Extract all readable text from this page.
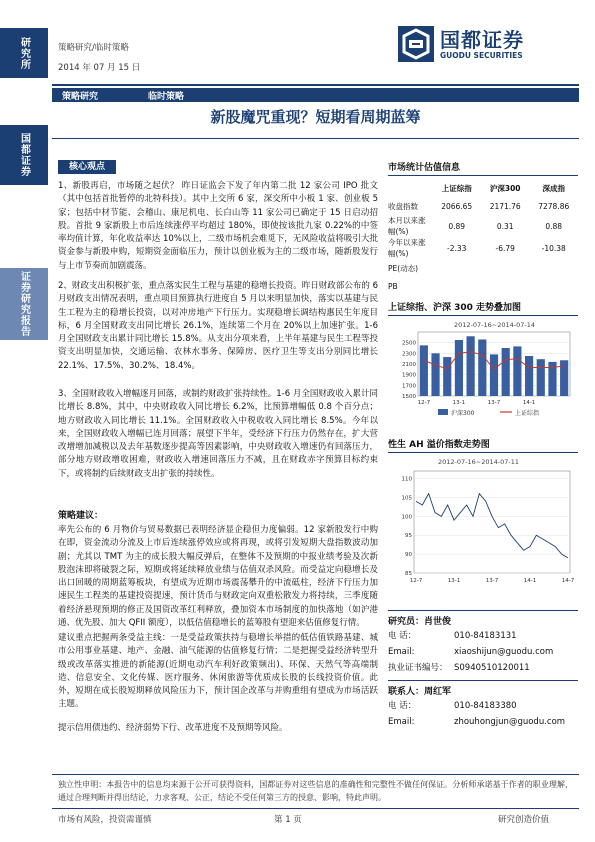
研究所
国都证券
证券研究报告
策略研究/临时策略
2014 年 07 月 15 日
国都证券
GUODU SECURITIES
策略研究	临时策略
新股魔咒重现？短期看周期蓝筹
核心观点
1、新股再启，市场随之起伏？ 昨日证监会下发了年内第二批 12 家公司 IPO 批文（其中包括首批暂停的北特科技）。其中上交所 6 家，深交所中小板 1 家、创业板 5 家；包括中材节能、会稽山、康尼机电、长白山等 11 家公司已确定于 15 日启动招股。首批 9 家新股上市后连续涨停平均超过 180%，即使按该批九家 0.22%的中签率均值计算，年化收益率达 10%以上，二级市场机会难觅下，无风险收益将吸引大批资金参与新股申购，短期资金面临压力，预计以创业板为主的二级市场，随新股发行与上市节奏而加剧震荡。
2、财政支出积极扩张，重点落实民生工程与基建的稳增长投资。昨日财政部公布的 6 月财政支出情况表明，重点项目预算执行进度自 5 月以来明显加快，落实以基建与民生工程为主的稳增长投资，以对冲房地产下行压力。实现稳增长调结构惠民生年度目标，6 月全国财政支出同比增长 26.1%，连续第二个月在 20%以上加速扩张。1-6 月全国财政支出累计同比增长 15.8%。从支出分项来看，上半年基建与民生工程等投资支出明显加快，交通运输、农林水事务、保障房、医疗卫生等支出分别同比增长 22.1%、17.5%、30.2%、18.4%。
3、全国财政收入增幅逐月回落，或制约财政扩张持续性。1-6 月全国财政收入累计同比增长 8.8%，其中，中央财政收入同比增长 6.2%，比预算增幅低 0.8 个百分点；地方财政收入同比增长 11.1%。全国财政收入中税收收入同比增长 8.5%。今年以来，全国财政收入增幅已连月回落；展望下半年，受经济下行压力仍然存在，扩大营改增增加减税以及去年基数逐步提高等因素影响，中央财政收入增速仍有回落压力，部分地方财政增收困难，财政收入增速回落压力不减，且在财政赤字预算目标约束下，或将制约后续财政支出扩张的持续性。
策略建议：
率先公布的 6 月物价与贸易数据已表明经济显企稳但力度偏弱。12 家新股发行中购在即，资金流动分流及上市后连续涨停效应或将再现，或将引发短期大盘指数波动加剧；尤其以 TMT 为主的成长股大幅反弹后，在整体不及预期的中报业绩考验及次新股泡沫即将破裂之际，短期或将延续释放业绩与估值双杀风险。而受益定向稳增长及出口回暖的周期蓝筹板块，有望成为近期市场震荡攀升的中流砥柱，经济下行压力加速民生工程类的基建投资提速，预计货币与财政定向双重松散发力将持续，三季度随着经济悬现预期的修正及国资改革红利释放，叠加资本市场制度的加快落地（如沪港通、优先股、加大 QFII 额度），以低估值稳增长的蓝筹股有望迎来估值修复行情。
建议重点把握两条受益主线：一是受益政策扶持与稳增长举措的低估值铁路基建、城市公用事业基建、地产、金融、油气能源的估值修复行情；二是把握受益经济转型升级或改革落实推进的新能源(近期电动汽车利好政策频出)、环保、天然气等高端制造、信息安全、文化传媒、医疗服务、休闲旅游等优质成长股的长线投资价值。此外，短期在成长股短期释放风险压力下，预计国企改革与并购重组有望成为市场活跃主题。
提示信用债违约、经济弱势下行、改革进度不及预期等风险。
市场统计估值信息
	上证综指	沪深300	深成指
收盘指数	2066.65	2171.76	7278.86
本月以来涨幅(%)	0.89	0.31	0.88
今年以来涨幅(%)	-2.33	-6.79	-10.38
PE(动态)			
PB			
上证综指、沪深 300 走势叠加图
2012-07-16~2014-07-14
1500
1700
1900
2100
2300
2500
12-7	13-1	13-7	14-1
沪深300	上证综指
性生 AH 溢价指数走势图
2012-07-16~2014-07-11
85
90
95
100
105
110
12-7	13-1	13-7	14-1	14-7
研究员：肖世俊
电 话：	010-84183131
Email:	xiaoshijun@guodu.com
执业证书编号： S0940510120011
联系人：周红军
电 话：	010-84183380
Email:	zhouhongjun@guodu.com
独立性申明：本报告中的信息均来源于公开可获得资料，国都证券对这些信息的准确性和完整性不做任何保证。分析师承诺基于作者的职业理解，通过合理判断并得出结论，力求客观、公正，结论不受任何第三方的授意、影响，特此声明。
市场有风险，投资需谨慎	第 1 页	研究创造价值
